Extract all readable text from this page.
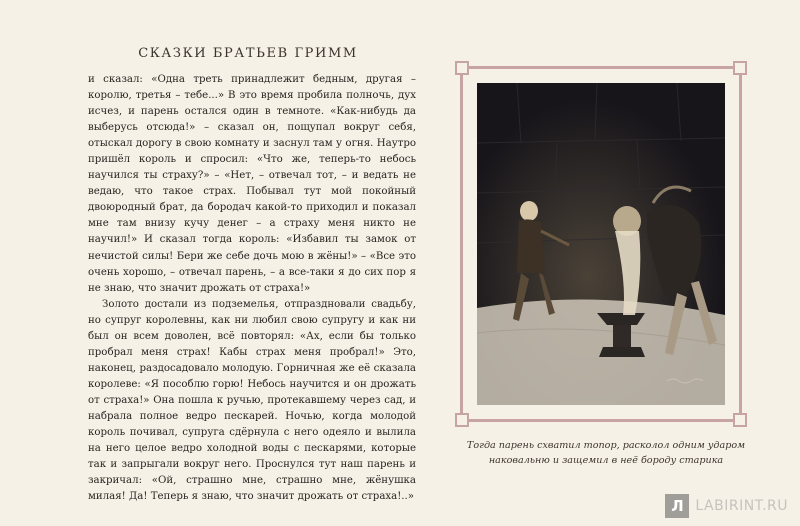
СКАЗКИ БРАТЬЕВ ГРИММ

и сказал: «Одна треть принадлежит бедным, другая – королю, третья – тебе...» В это время пробила полночь, дух исчез, и парень остался один в темноте. «Как-нибудь да выберусь отсюда!» – сказал он, пощупал вокруг себя, отыскал дорогу в свою комнату и заснул там у огня. Наутро пришёл король и спросил: «Что же, теперь-то небось научился ты страху?» – «Нет, – отвечал тот, – и ведать не ведаю, что такое страх. Побывал тут мой покойный двоюродный брат, да бородач какой-то приходил и показал мне там внизу кучу денег – а страху меня никто не научил!» И сказал тогда король: «Избавил ты замок от нечистой силы! Бери же себе дочь мою в жёны!» – «Все это очень хорошо, – отвечал парень, – а все-таки я до сих пор я не знаю, что значит дрожать от страха!»

Золото достали из подземелья, отпраздновали свадьбу, но супруг королевны, как ни любил свою супругу и как ни был он всем доволен, всё повторял: «Ах, если бы только пробрал меня страх! Кабы страх меня пробрал!» Это, наконец, раздосадовало молодую. Горничная же её сказала королеве: «Я пособлю горю! Небось научится и он дрожать от страха!» Она пошла к ручью, протекавшему через сад, и набрала полное ведро пескарей. Ночью, когда молодой король почивал, супруга сдёрнула с него одеяло и вылила на него целое ведро холодной воды с пескарями, которые так и запрыгали вокруг него. Проснулся тут наш парень и закричал: «Ой, страшно мне, страшно мне, жёнушка милая! Да! Теперь я знаю, что значит дрожать от страха!..»

Тогда парень схватил топор, расколол одним ударом
наковальню и защемил в неё бороду старика
Л LABIRINT.RU
